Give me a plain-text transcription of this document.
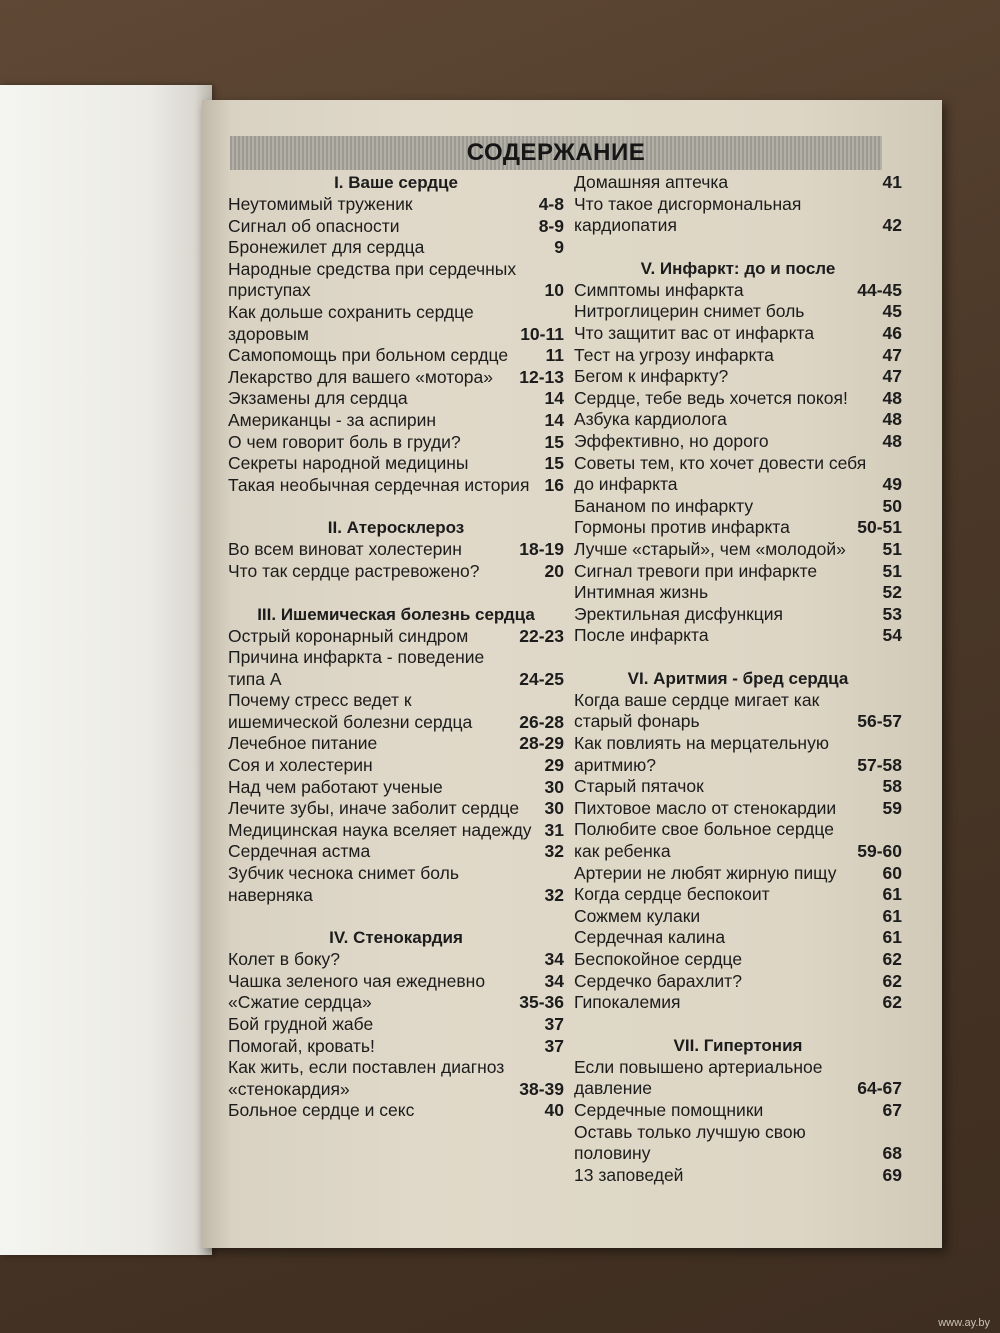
СОДЕРЖАНИЕ
I. Ваше сердце
Неутомимый труженик	4-8
Сигнал об опасности	8-9
Бронежилет для сердца	9
Народные средства при сердечных приступах	10
Как дольше сохранить сердце здоровым	10-11
Самопомощь при больном сердце	11
Лекарство для вашего «мотора»	12-13
Экзамены для сердца	14
Американцы - за аспирин	14
О чем говорит боль в груди?	15
Секреты народной медицины	15
Такая необычная сердечная история 16
II. Атеросклероз
Во всем виноват холестерин	18-19
Что так сердце растревожено?	20
III. Ишемическая болезнь сердца
Острый коронарный синдром	22-23
Причина инфаркта - поведение типа А	24-25
Почему стресс ведет к ишемической болезни сердца	26-28
Лечебное питание	28-29
Соя и холестерин	29
Над чем работают ученые	30
Лечите зубы, иначе заболит сердце	30
Медицинская наука вселяет надежду 31
Сердечная астма	32
Зубчик чеснока снимет боль наверняка	32
IV. Стенокардия
Колет в боку?	34
Чашка зеленого чая ежедневно	34
«Сжатие сердца»	35-36
Бой грудной жабе	37
Помогай, кровать!	37
Как жить, если поставлен диагноз «стенокардия»	38-39
Больное сердце и секс	40
Домашняя аптечка	41
Что такое дисгормональная кардиопатия	42
V. Инфаркт: до и после
Симптомы инфаркта	44-45
Нитроглицерин снимет боль	45
Что защитит вас от инфаркта	46
Тест на угрозу инфаркта	47
Бегом к инфаркту?	47
Сердце, тебе ведь хочется покоя!	48
Азбука кардиолога	48
Эффективно, но дорого	48
Советы тем, кто хочет довести себя до инфаркта	49
Бананом по инфаркту	50
Гормоны против инфаркта	50-51
Лучше «старый», чем «молодой»	51
Сигнал тревоги при инфаркте	51
Интимная жизнь	52
Эректильная дисфункция	53
После инфаркта	54
VI. Аритмия - бред сердца
Когда ваше сердце мигает как старый фонарь	56-57
Как повлиять на мерцательную аритмию?	57-58
Старый пятачок	58
Пихтовое масло от стенокардии	59
Полюбите свое больное сердце как ребенка	59-60
Артерии не любят жирную пищу	60
Когда сердце беспокоит	61
Сожмем кулаки	61
Сердечная калина	61
Беспокойное сердце	62
Сердечко барахлит?	62
Гипокалемия	62
VII. Гипертония
Если повышено артериальное давление	64-67
Сердечные помощники	67
Оставь только лучшую свою половину	68
13 заповедей	69
www.ay.by
